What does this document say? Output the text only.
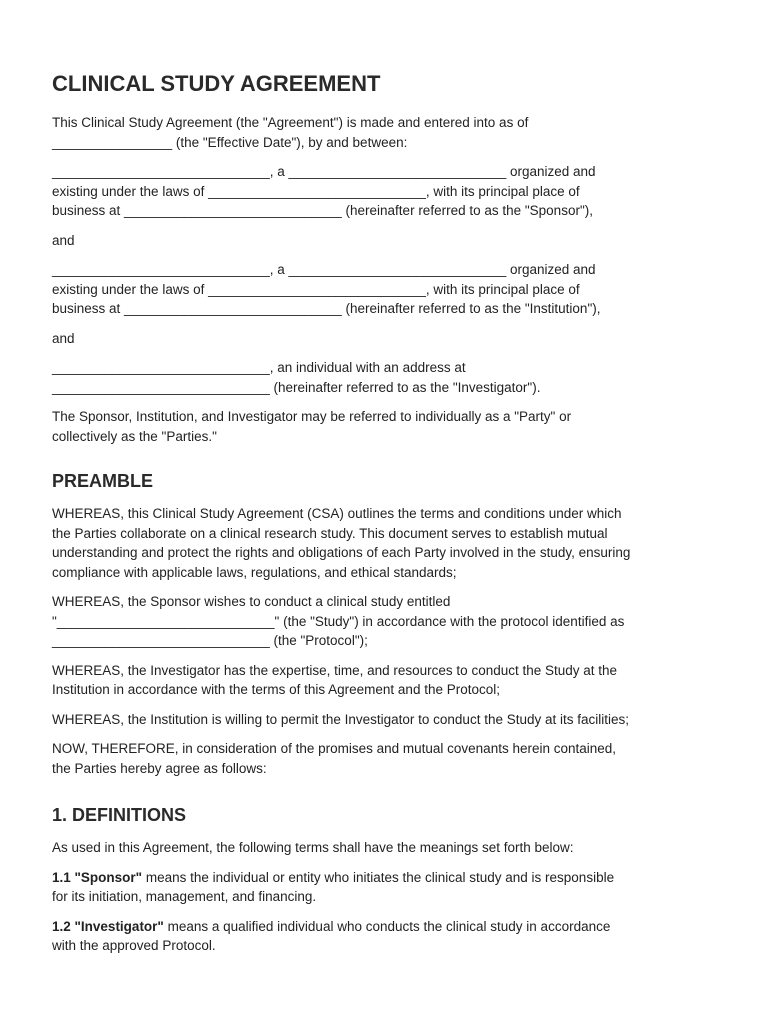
CLINICAL STUDY AGREEMENT

This Clinical Study Agreement (the "Agreement") is made and entered into as of
________________ (the "Effective Date"), by and between:

_____________________________, a _____________________________ organized and
existing under the laws of _____________________________, with its principal place of
business at _____________________________ (hereinafter referred to as the "Sponsor"),

and

_____________________________, a _____________________________ organized and
existing under the laws of _____________________________, with its principal place of
business at _____________________________ (hereinafter referred to as the "Institution"),

and

_____________________________, an individual with an address at
_____________________________ (hereinafter referred to as the "Investigator").

The Sponsor, Institution, and Investigator may be referred to individually as a "Party" or
collectively as the "Parties."

PREAMBLE

WHEREAS, this Clinical Study Agreement (CSA) outlines the terms and conditions under which
the Parties collaborate on a clinical research study. This document serves to establish mutual
understanding and protect the rights and obligations of each Party involved in the study, ensuring
compliance with applicable laws, regulations, and ethical standards;

WHEREAS, the Sponsor wishes to conduct a clinical study entitled
"_____________________________" (the "Study") in accordance with the protocol identified as
_____________________________ (the "Protocol");

WHEREAS, the Investigator has the expertise, time, and resources to conduct the Study at the
Institution in accordance with the terms of this Agreement and the Protocol;

WHEREAS, the Institution is willing to permit the Investigator to conduct the Study at its facilities;

NOW, THEREFORE, in consideration of the promises and mutual covenants herein contained,
the Parties hereby agree as follows:

1. DEFINITIONS

As used in this Agreement, the following terms shall have the meanings set forth below:

1.1 "Sponsor" means the individual or entity who initiates the clinical study and is responsible
for its initiation, management, and financing.

1.2 "Investigator" means a qualified individual who conducts the clinical study in accordance
with the approved Protocol.
